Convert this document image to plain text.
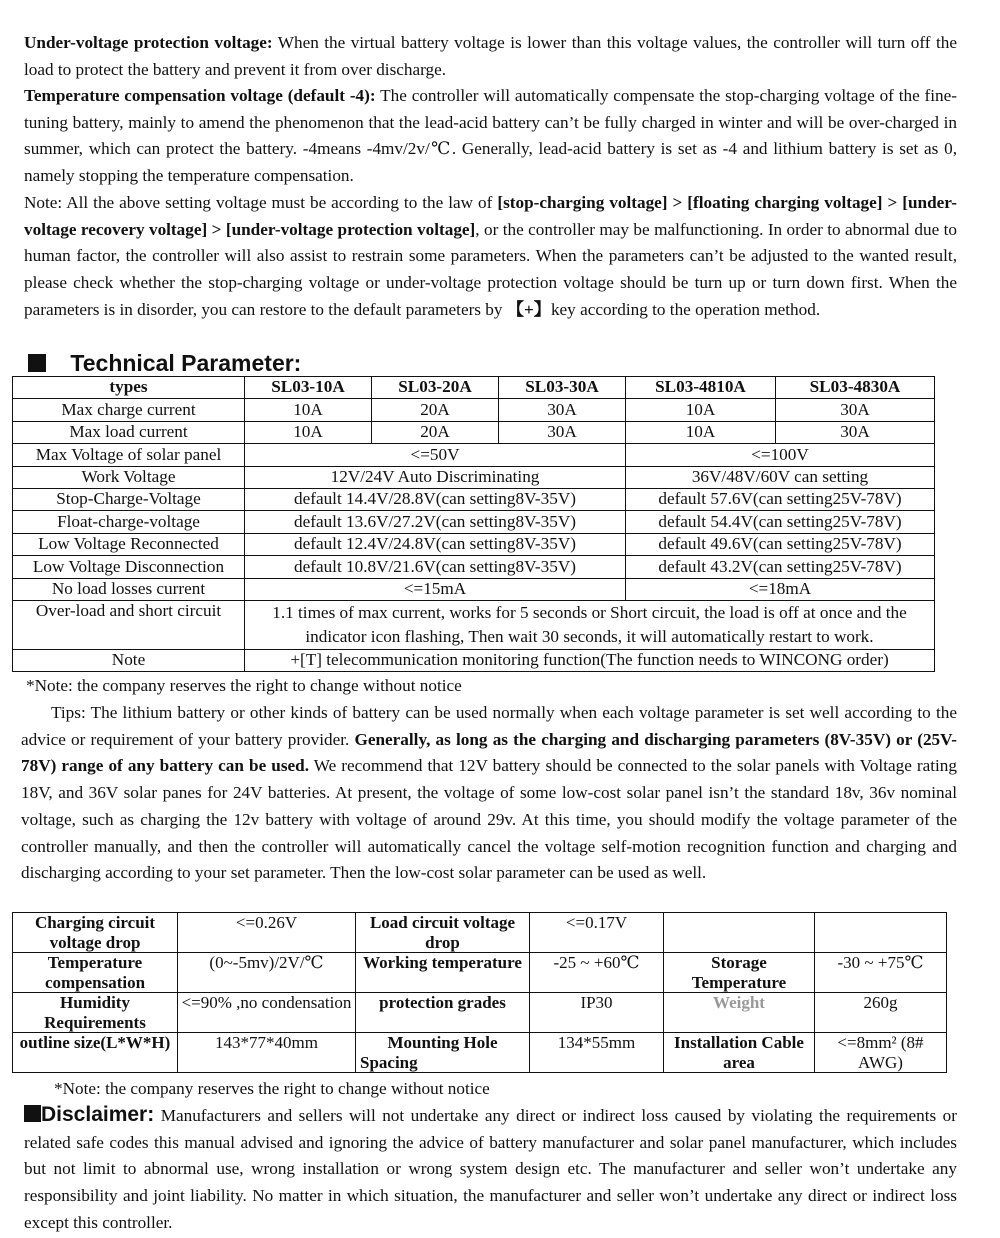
Under-voltage protection voltage: When the virtual battery voltage is lower than this voltage values, the controller will turn off the load to protect the battery and prevent it from over discharge.
Temperature compensation voltage (default -4): The controller will automatically compensate the stop-charging voltage of the fine-tuning battery, mainly to amend the phenomenon that the lead-acid battery can’t be fully charged in winter and will be over-charged in summer, which can protect the battery. -4means -4mv/2v/℃. Generally, lead-acid battery is set as -4 and lithium battery is set as 0, namely stopping the temperature compensation.
Note: All the above setting voltage must be according to the law of [stop-charging voltage] > [floating charging voltage] > [under-voltage recovery voltage] > [under-voltage protection voltage], or the controller may be malfunctioning. In order to abnormal due to human factor, the controller will also assist to restrain some parameters. When the parameters can’t be adjusted to the wanted result, please check whether the stop-charging voltage or under-voltage protection voltage should be turn up or turn down first. When the parameters is in disorder, you can restore to the default parameters by 【+】key according to the operation method.
Technical Parameter:
types	SL03-10A	SL03-20A	SL03-30A	SL03-4810A	SL03-4830A
Max charge current	10A	20A	30A	10A	30A
Max load current	10A	20A	30A	10A	30A
Max Voltage of solar panel	<=50V			<=100V	
Work Voltage	12V/24V Auto Discriminating			36V/48V/60V can setting	
Stop-Charge-Voltage	default 14.4V/28.8V(can setting8V-35V)			default 57.6V(can setting25V-78V)	
Float-charge-voltage	default 13.6V/27.2V(can setting8V-35V)			default 54.4V(can setting25V-78V)	
Low Voltage Reconnected	default 12.4V/24.8V(can setting8V-35V)			default 49.6V(can setting25V-78V)	
Low Voltage Disconnection	default 10.8V/21.6V(can setting8V-35V)			default 43.2V(can setting25V-78V)	
No load losses current	<=15mA			<=18mA	
Over-load and short circuit	1.1 times of max current, works for 5 seconds or Short circuit, the load is off at once and the indicator icon flashing, Then wait 30 seconds, it will automatically restart to work.				
Note	+[T] telecommunication monitoring function(The function needs to WINCONG order)				
*Note: the company reserves the right to change without notice
Tips: The lithium battery or other kinds of battery can be used normally when each voltage parameter is set well according to the advice or requirement of your battery provider. Generally, as long as the charging and discharging parameters (8V-35V) or (25V-78V) range of any battery can be used. We recommend that 12V battery should be connected to the solar panels with Voltage rating 18V, and 36V solar panes for 24V batteries. At present, the voltage of some low-cost solar panel isn’t the standard 18v, 36v nominal voltage, such as charging the 12v battery with voltage of around 29v. At this time, you should modify the voltage parameter of the controller manually, and then the controller will automatically cancel the voltage self-motion recognition function and charging and discharging according to your set parameter. Then the low-cost solar parameter can be used as well.
Charging circuit voltage drop	<=0.26V	Load circuit voltage drop	<=0.17V		
Temperature compensation	(0~-5mv)/2V/℃	Working temperature	-25 ~ +60℃	Storage Temperature	-30 ~ +75℃
Humidity Requirements	<=90% ,no condensation	protection grades	IP30	Weight	260g
outline size(L*W*H)	143*77*40mm	Mounting Hole Spacing	134*55mm	Installation Cable area	<=8mm² (8# AWG)
*Note: the company reserves the right to change without notice
Disclaimer: Manufacturers and sellers will not undertake any direct or indirect loss caused by violating the requirements or related safe codes this manual advised and ignoring the advice of battery manufacturer and solar panel manufacturer, which includes but not limit to abnormal use, wrong installation or wrong system design etc. The manufacturer and seller won’t undertake any responsibility and joint liability. No matter in which situation, the manufacturer and seller won’t undertake any direct or indirect loss except this controller.
